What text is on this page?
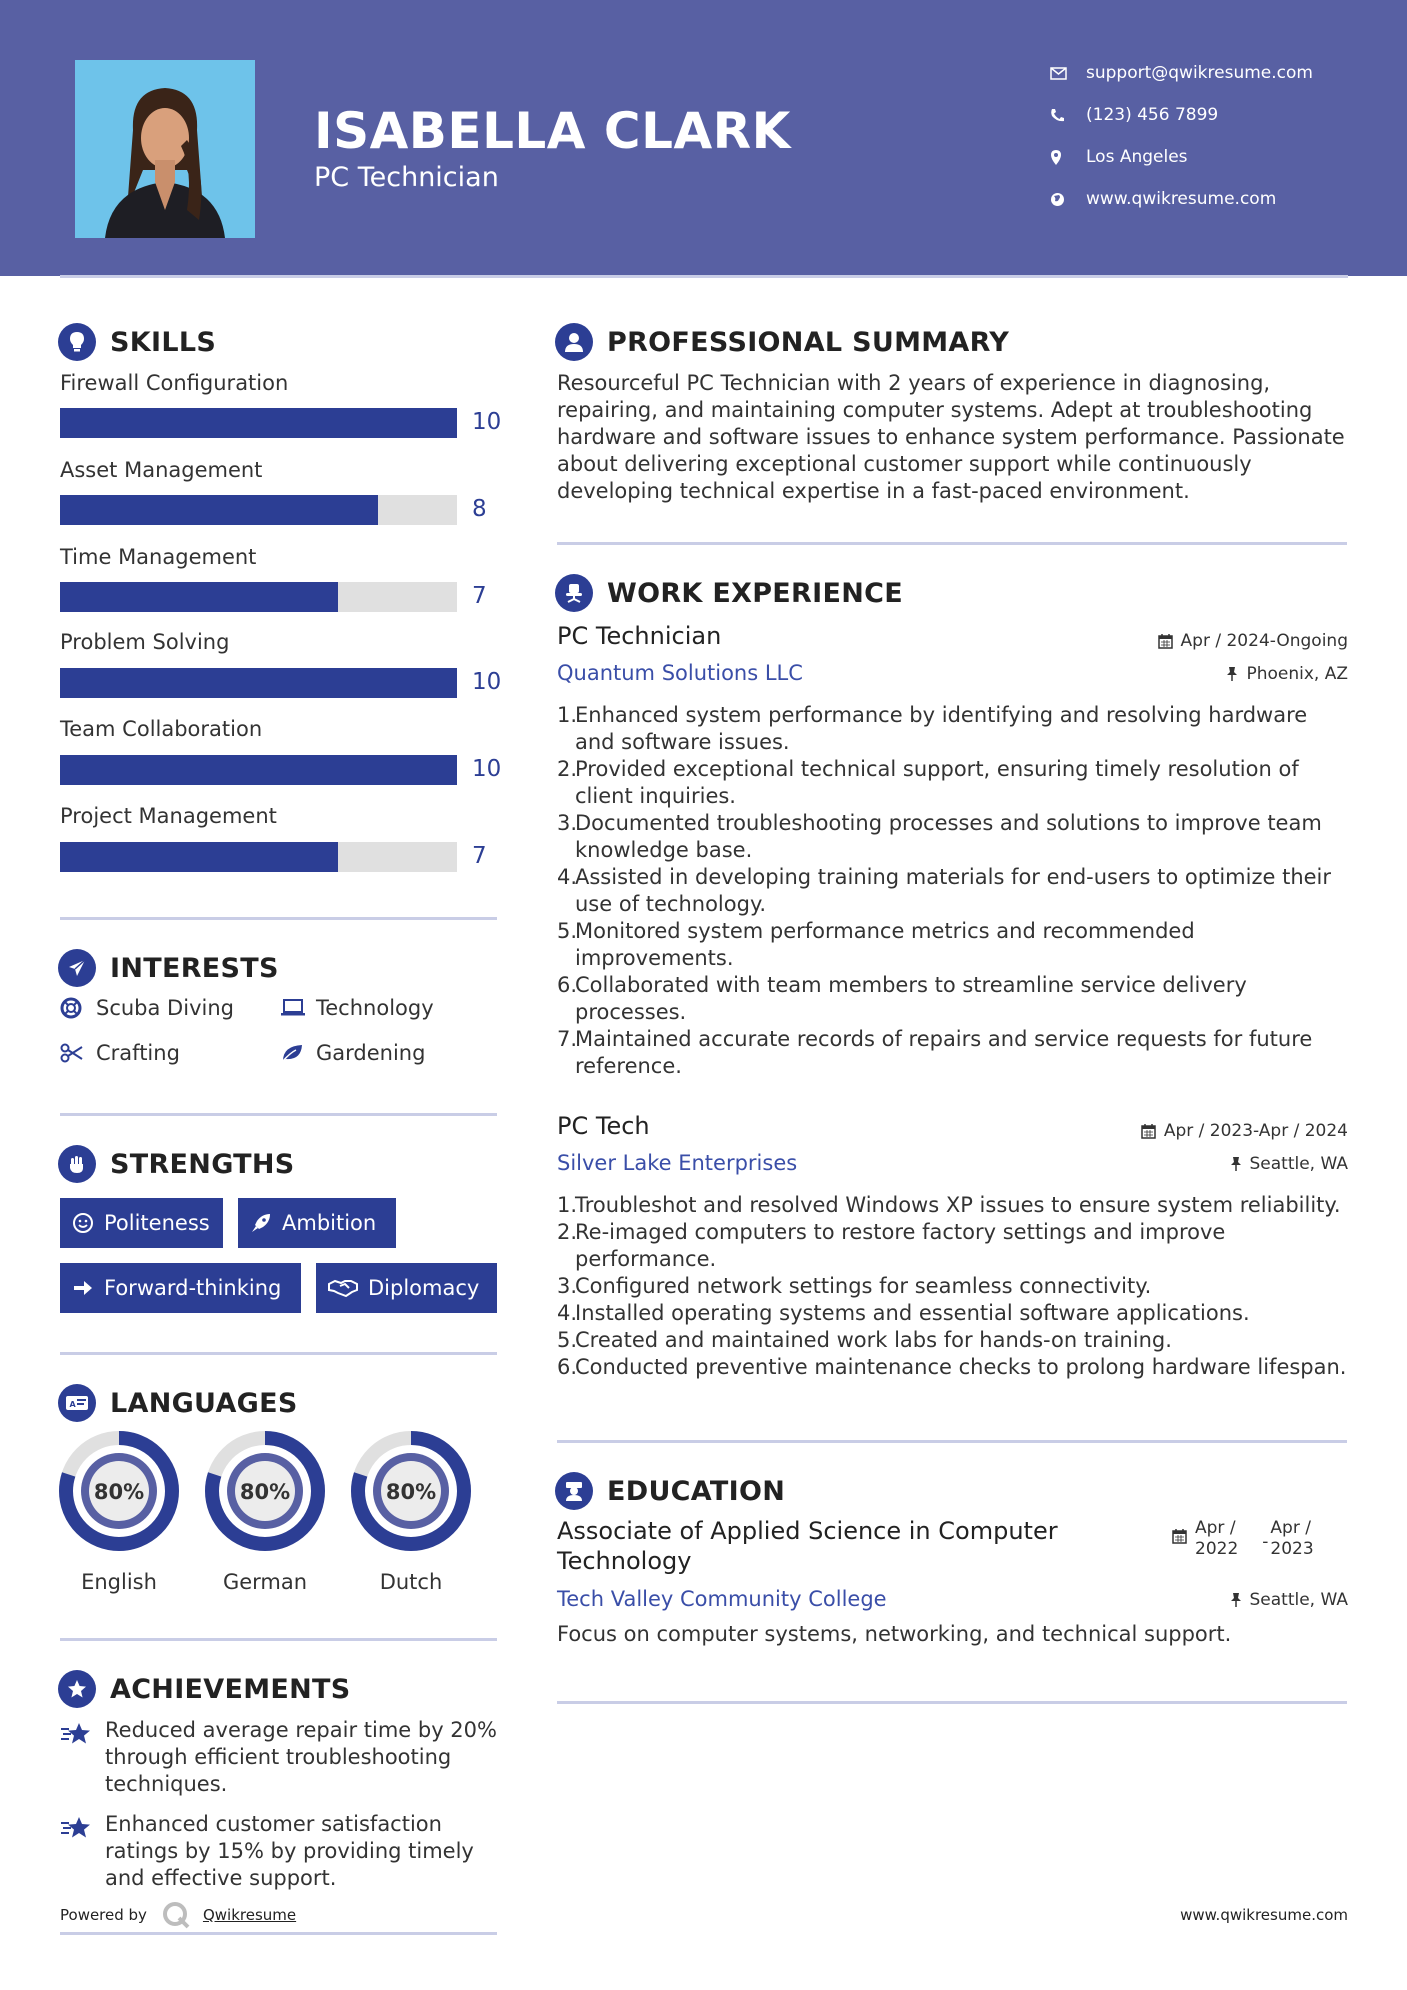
ISABELLA CLARK
PC Technician
support@qwikresume.com
(123) 456 7899
Los Angeles
www.qwikresume.com
SKILLS
Firewall Configuration
10
Asset Management
8
Time Management
7
Problem Solving
10
Team Collaboration
10
Project Management
7
INTERESTS
Scuba Diving	Technology
Crafting	Gardening
STRENGTHS
Politeness	Ambition
Forward-thinking	Diplomacy
A LANGUAGES
80%
English
80%
German
80%
Dutch
ACHIEVEMENTS
Reduced average repair time by 20% through efficient troubleshooting techniques.
Enhanced customer satisfaction ratings by 15% by providing timely and effective support.
PROFESSIONAL SUMMARY
Resourceful PC Technician with 2 years of experience in diagnosing, repairing, and maintaining computer systems. Adept at troubleshooting hardware and software issues to enhance system performance. Passionate about delivering exceptional customer support while continuously developing technical expertise in a fast-paced environment.
WORK EXPERIENCE
PC Technician	Apr / 2024-Ongoing
Quantum Solutions LLC	Phoenix, AZ
1.
Enhanced system performance by identifying and resolving hardware and software issues.
2.
Provided exceptional technical support, ensuring timely resolution of client inquiries.
3.
Documented troubleshooting processes and solutions to improve team knowledge base.
4.
Assisted in developing training materials for end-users to optimize their use of technology.
5.
Monitored system performance metrics and recommended improvements.
6.
Collaborated with team members to streamline service delivery processes.
7.
Maintained accurate records of repairs and service requests for future reference.
PC Tech	Apr / 2023-Apr / 2024
Silver Lake Enterprises	Seattle, WA
1.
Troubleshot and resolved Windows XP issues to ensure system reliability.
2.
Re-imaged computers to restore factory settings and improve performance.
3.
Configured network settings for seamless connectivity.
4.
Installed operating systems and essential software applications.
5.
Created and maintained work labs for hands-on training.
6.
Conducted preventive maintenance checks to prolong hardware lifespan.
EDUCATION
Associate of Applied Science in Computer Technology
Apr /
2022	-
Apr /
2023
Tech Valley Community College	Seattle, WA
Focus on computer systems, networking, and technical support.
Powered by	Qwikresume	www.qwikresume.com
